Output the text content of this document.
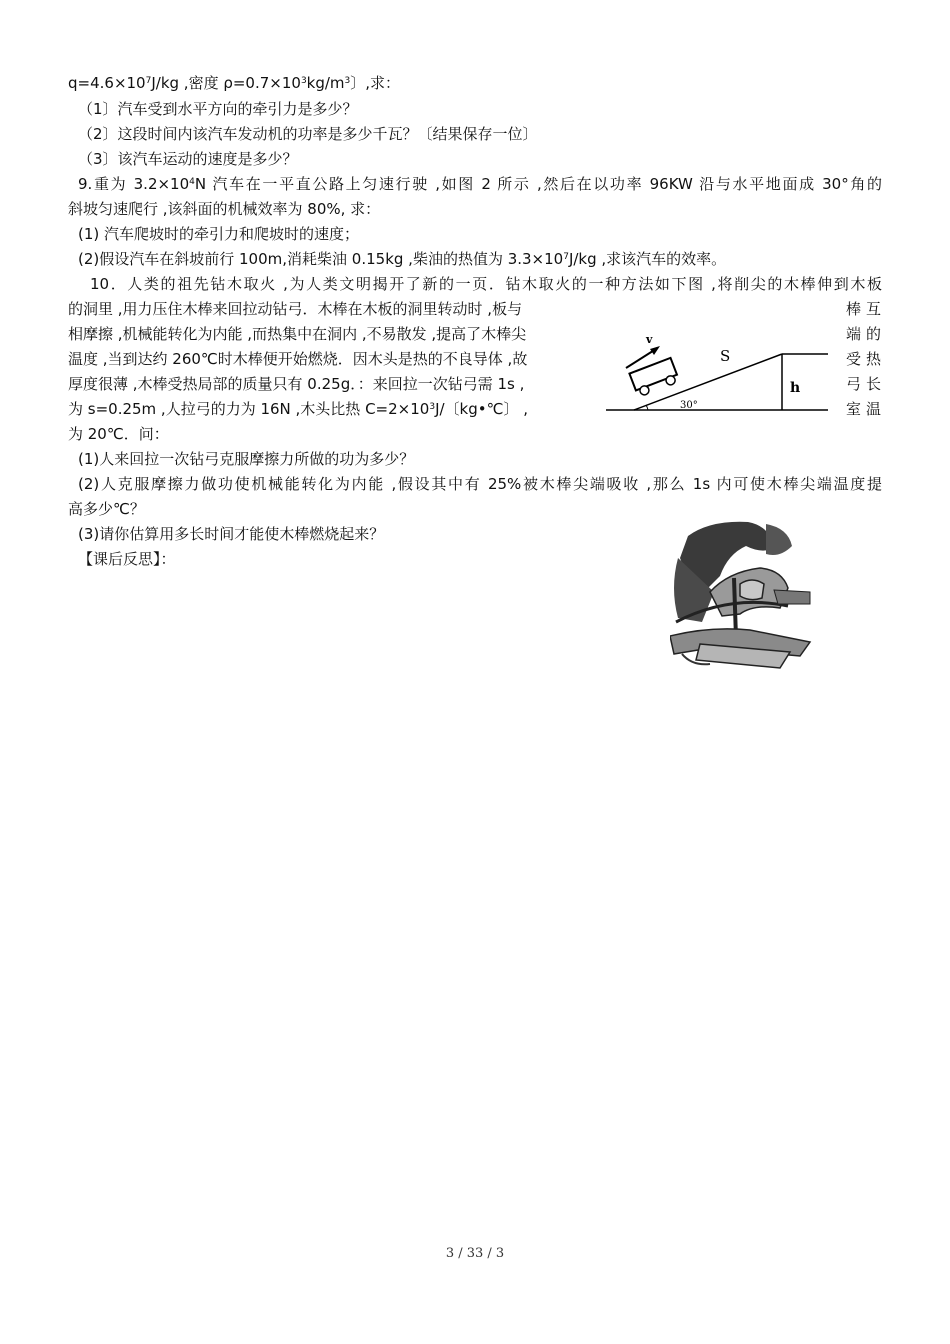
$q=4.6\times 10^7J/kg$ ,密度 $\rho=0.7\times 10^3kg/m^3$〕,求：
（1〕汽车受到水平方向的牵引力是多少？
（2〕这段时间内该汽车发动机的功率是多少千瓦？〔结果保存一位〕
（3〕该汽车运动的速度是多少？
9.重为 $3.2\times 10^4N$ 汽车在一平直公路上匀速行驶 ,如图 2 所示 ,然后在以功率 96KW 沿与水平地面成 30°角的
斜坡匀速爬行 ,该斜面的机械效率为 80%, 求：
(1) 汽车爬坡时的牵引力和爬坡时的速度；
(2)假设汽车在斜坡前行 100m,消耗柴油 0.15kg ,柴油的热值为 $3.3\times 10^7J/kg$ ,求该汽车的效率。
10．人类的祖先钻木取火 ,为人类文明揭开了新的一页．钻木取火的一种方法如下图 ,将削尖的木棒伸到木板
的洞里 ,用力压住木棒来回拉动钻弓．木棒在木板的洞里转动时 ,板与
相摩擦 ,机械能转化为内能 ,而热集中在洞内 ,不易散发 ,提高了木棒尖
温度 ,当到达约 260℃时木棒便开始燃烧．因木头是热的不良导体 ,故
厚度很薄 ,木棒受热局部的质量只有 0.25g．：来回拉一次钻弓需 1s ,
为 s=0.25m ,人拉弓的力为 16N ,木头比热 $C=2\times 10^3J/$〔kg•℃〕 ,
为 20℃．问：
棒互
端的
受热
弓长
室温
(1)人来回拉一次钻弓克服摩擦力所做的功为多少？
(2)人克服摩擦力做功使机械能转化为内能 ,假设其中有 25%被木棒尖端吸收 ,那么 1s 内可使木棒尖端温度提
高多少℃？
(3)请你估算用多长时间才能使木棒燃烧起来？
【课后反思】：
v
S
h
30°
3 / 33 / 3
